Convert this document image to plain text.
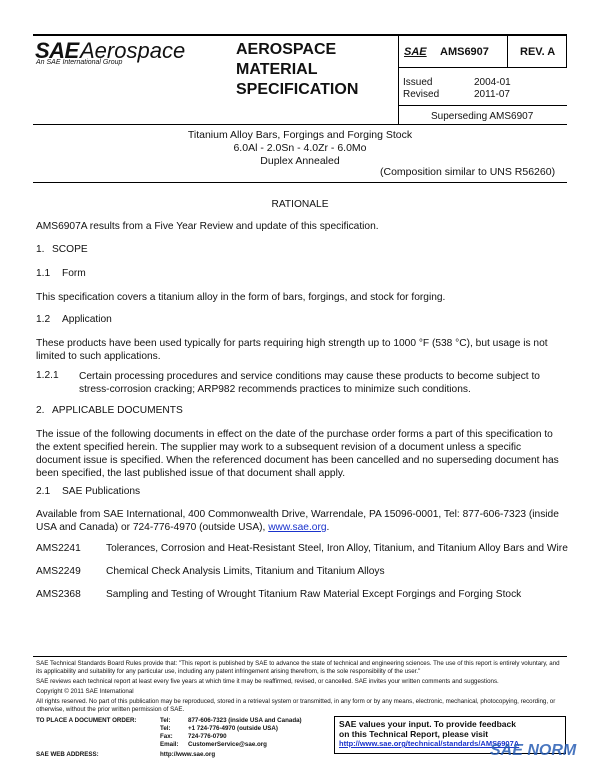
SAE Aerospace
An SAE International Group
AEROSPACE MATERIAL SPECIFICATION
SAE AMS6907	REV. A
Issued	2004-01
Revised	2011-07
Superseding AMS6907
Titanium Alloy Bars, Forgings and Forging Stock
6.0Al - 2.0Sn - 4.0Zr - 6.0Mo
Duplex Annealed
(Composition similar to UNS R56260)
RATIONALE
AMS6907A results from a Five Year Review and update of this specification.
1. SCOPE
1.1 Form
This specification covers a titanium alloy in the form of bars, forgings, and stock for forging.
1.2 Application
These products have been used typically for parts requiring high strength up to 1000 °F (538 °C), but usage is not limited to such applications.
1.2.1 Certain processing procedures and service conditions may cause these products to become subject to stress-corrosion cracking; ARP982 recommends practices to minimize such conditions.
2. APPLICABLE DOCUMENTS
The issue of the following documents in effect on the date of the purchase order forms a part of this specification to the extent specified herein. The supplier may work to a subsequent revision of a document unless a specific document issue is specified. When the referenced document has been cancelled and no superseding document has been specified, the last published issue of that document shall apply.
2.1 SAE Publications
Available from SAE International, 400 Commonwealth Drive, Warrendale, PA 15096-0001, Tel: 877-606-7323 (inside USA and Canada) or 724-776-4970 (outside USA), www.sae.org.
AMS2241 Tolerances, Corrosion and Heat-Resistant Steel, Iron Alloy, Titanium, and Titanium Alloy Bars and Wire
AMS2249 Chemical Check Analysis Limits, Titanium and Titanium Alloys
AMS2368 Sampling and Testing of Wrought Titanium Raw Material Except Forgings and Forging Stock
SAE Technical Standards Board Rules provide that: "This report is published by SAE to advance the state of technical and engineering sciences. The use of this report is entirely voluntary, and its applicability and suitability for any particular use, including any patent infringement arising therefrom, is the sole responsibility of the user."
SAE reviews each technical report at least every five years at which time it may be reaffirmed, revised, or cancelled. SAE invites your written comments and suggestions.
Copyright © 2011 SAE International
All rights reserved. No part of this publication may be reproduced, stored in a retrieval system or transmitted, in any form or by any means, electronic, mechanical, photocopying, recording, or otherwise, without the prior written permission of SAE.
TO PLACE A DOCUMENT ORDER:	Tel:	877-606-7323 (inside USA and Canada)
Tel:	+1 724-776-4970 (outside USA)
Fax:	724-776-0790
Email:	CustomerService@sae.org
SAE WEB ADDRESS:	http://www.sae.org
SAE values your input. To provide feedback
on this Technical Report, please visit
http://www.sae.org/technical/standards/AMS6907A
SAE NORM
